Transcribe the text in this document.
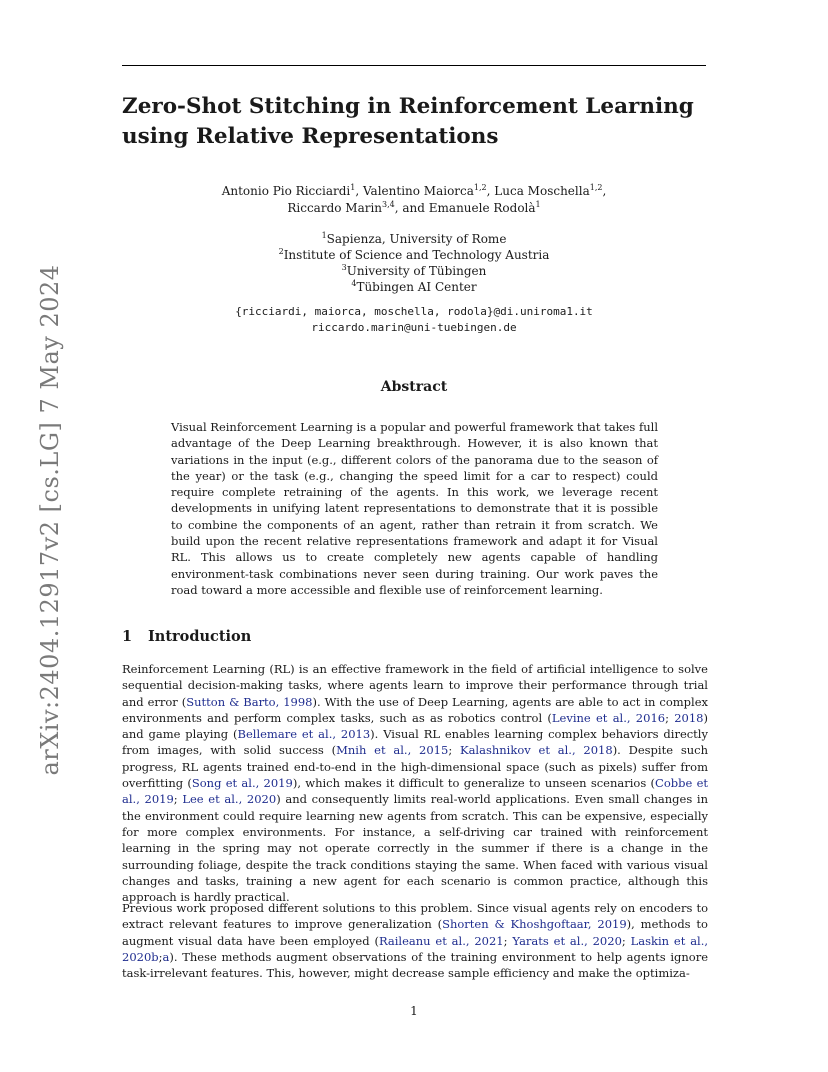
arXiv:2404.12917v2 [cs.LG] 7 May 2024
Zero-Shot Stitching in Reinforcement Learning
using Relative Representations
Antonio Pio Ricciardi$^1$, Valentino Maiorca$^{1,2}$, Luca Moschella$^{1,2}$,
Riccardo Marin$^{3,4}$, and Emanuele Rodolà$^1$
$^1$Sapienza, University of Rome
$^2$Institute of Science and Technology Austria
$^3$University of Tübingen
$^4$Tübingen AI Center
{ricciardi, maiorca, moschella, rodola}@di.uniroma1.it
riccardo.marin@uni-tuebingen.de
Abstract

Visual Reinforcement Learning is a popular and powerful framework that takes full advantage of the Deep Learning breakthrough. However, it is also known that variations in the input (e.g., different colors of the panorama due to the season of the year) or the task (e.g., changing the speed limit for a car to respect) could require complete retraining of the agents. In this work, we leverage recent developments in unifying latent representations to demonstrate that it is possible to combine the components of an agent, rather than retrain it from scratch. We build upon the recent relative representations framework and adapt it for Visual RL. This allows us to create completely new agents capable of handling environment-task combinations never seen during training. Our work paves the road toward a more accessible and flexible use of reinforcement learning.

1 Introduction

Reinforcement Learning (RL) is an effective framework in the field of artificial intelligence to solve sequential decision-making tasks, where agents learn to improve their performance through trial and error (Sutton & Barto, 1998). With the use of Deep Learning, agents are able to act in complex environments and perform complex tasks, such as as robotics control (Levine et al., 2016; 2018) and game playing (Bellemare et al., 2013). Visual RL enables learning complex behaviors directly from images, with solid success (Mnih et al., 2015; Kalashnikov et al., 2018). Despite such progress, RL agents trained end-to-end in the high-dimensional space (such as pixels) suffer from overfitting (Song et al., 2019), which makes it difficult to generalize to unseen scenarios (Cobbe et al., 2019; Lee et al., 2020) and consequently limits real-world applications. Even small changes in the environment could require learning new agents from scratch. This can be expensive, especially for more complex environments. For instance, a self-driving car trained with reinforcement learning in the spring may not operate correctly in the summer if there is a change in the surrounding foliage, despite the track conditions staying the same. When faced with various visual changes and tasks, training a new agent for each scenario is common practice, although this approach is hardly practical.

Previous work proposed different solutions to this problem. Since visual agents rely on encoders to extract relevant features to improve generalization (Shorten & Khoshgoftaar, 2019), methods to augment visual data have been employed (Raileanu et al., 2021; Yarats et al., 2020; Laskin et al., 2020b;a). These methods augment observations of the training environment to help agents ignore task-irrelevant features. This, however, might decrease sample efficiency and make the optimiza-

1
